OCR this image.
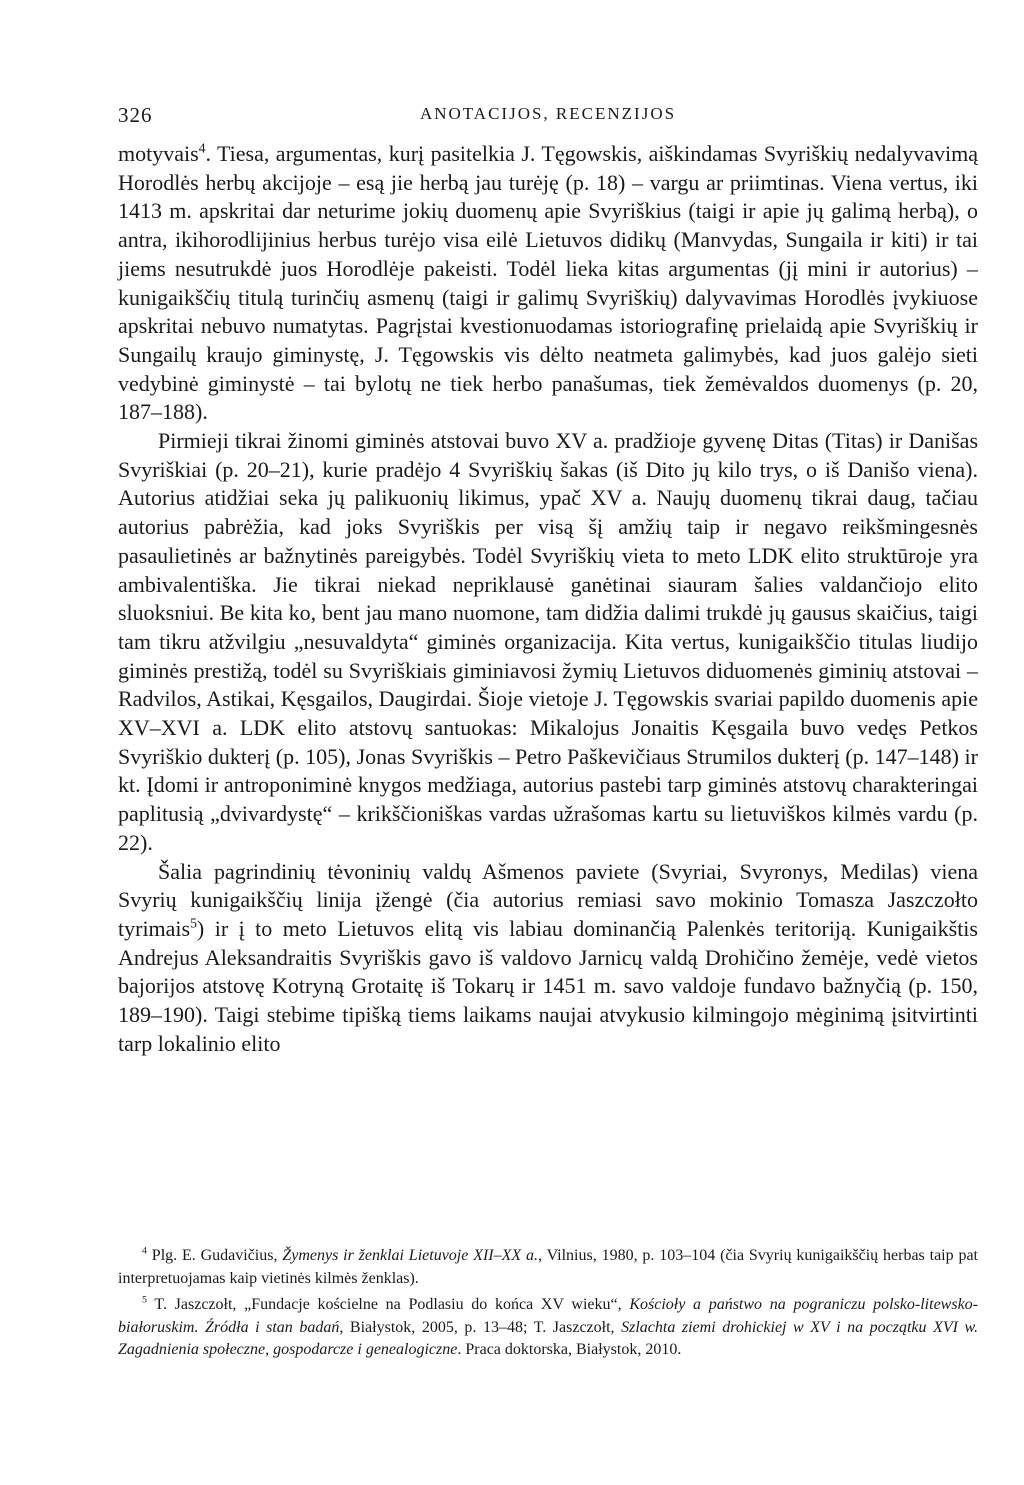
326	ANOTACIJOS, RECENZIJOS

motyvais$^4$. Tiesa, argumentas, kurį pasitelkia J. Tęgowskis, aiškindamas Svyriškių nedalyvavimą Horodlės herbų akcijoje – esą jie herbą jau turėję (p. 18) – vargu ar priimtinas. Viena vertus, iki 1413 m. apskritai dar neturime jokių duomenų apie Svyriškius (taigi ir apie jų galimą herbą), o antra, ikihorodlijinius herbus turėjo visa eilė Lietuvos didikų (Manvydas, Sungaila ir kiti) ir tai jiems nesutrukdė juos Horodlėje pakeisti. Todėl lieka kitas argumentas (jį mini ir autorius) – kunigaikščių titulą turinčių asmenų (taigi ir galimų Svyriškių) dalyvavimas Horodlės įvykiuose apskritai nebuvo numatytas. Pagrįstai kvestionuodamas istoriografinę prielaidą apie Svyriškių ir Sungailų kraujo giminystę, J. Tęgowskis vis dėlto neatmeta galimybės, kad juos galėjo sieti vedybinė giminystė – tai bylotų ne tiek herbo panašumas, tiek žemėvaldos duomenys (p. 20, 187–188).

Pirmieji tikrai žinomi giminės atstovai buvo XV a. pradžioje gyvenę Ditas (Titas) ir Danišas Svyriškiai (p. 20–21), kurie pradėjo 4 Svyriškių šakas (iš Dito jų kilo trys, o iš Danišo viena). Autorius atidžiai seka jų palikuonių likimus, ypač XV a. Naujų duomenų tikrai daug, tačiau autorius pabrėžia, kad joks Svyriškis per visą šį amžių taip ir negavo reikšmingesnės pasaulietinės ar bažnytinės pareigybės. Todėl Svyriškių vieta to meto LDK elito struktūroje yra ambivalentiška. Jie tikrai niekad nepriklausė ganėtinai siauram šalies valdančiojo elito sluoksniui. Be kita ko, bent jau mano nuomone, tam didžia dalimi trukdė jų gausus skaičius, taigi tam tikru atžvilgiu „nesuvaldyta“ giminės organizacija. Kita vertus, kunigaikščio titulas liudijo giminės prestižą, todėl su Svyriškiais giminiavosi žymių Lietuvos diduomenės giminių atstovai – Radvilos, Astikai, Kęsgailos, Daugirdai. Šioje vietoje J. Tęgowskis svariai papildo duomenis apie XV–XVI a. LDK elito atstovų santuokas: Mikalojus Jonaitis Kęsgaila buvo vedęs Petkos Svyriškio dukterį (p. 105), Jonas Svyriškis – Petro Paškevičiaus Strumilos dukterį (p. 147–148) ir kt. Įdomi ir antroponiminė knygos medžiaga, autorius pastebi tarp giminės atstovų charakteringai paplitusią „dvivardystę“ – krikščioniškas vardas užrašomas kartu su lietuviškos kilmės vardu (p. 22).

Šalia pagrindinių tėvoninių valdų Ašmenos paviete (Svyriai, Svyronys, Medilas) viena Svyrių kunigaikščių linija įžengė (čia autorius remiasi savo mokinio Tomasza Jaszczołto tyrimais$^5$) ir į to meto Lietuvos elitą vis labiau dominančią Palenkės teritoriją. Kunigaikštis Andrejus Aleksandraitis Svyriškis gavo iš valdovo Jarnicų valdą Drohičino žemėje, vedė vietos bajorijos atstovę Kotryną Grotaitę iš Tokarų ir 1451 m. savo valdoje fundavo bažnyčią (p. 150, 189–190). Taigi stebime tipišką tiems laikams naujai atvykusio kilmingojo mėginimą įsitvirtinti tarp lokalinio elito

$^4$ Plg. E. Gudavičius, Žymenys ir ženklai Lietuvoje XII–XX a., Vilnius, 1980, p. 103–104 (čia Svyrių kunigaikščių herbas taip pat interpretuojamas kaip vietinės kilmės ženklas).

$^5$ T. Jaszczołt, „Fundacje kościelne na Podlasiu do końca XV wieku“, Kościoły a państwo na pograniczu polsko-litewsko-białoruskim. Źródła i stan badań, Białystok, 2005, p. 13–48; T. Jaszczołt, Szlachta ziemi drohickiej w XV i na początku XVI w. Zagadnienia społeczne, gospodarcze i genealogiczne. Praca doktorska, Białystok, 2010.
